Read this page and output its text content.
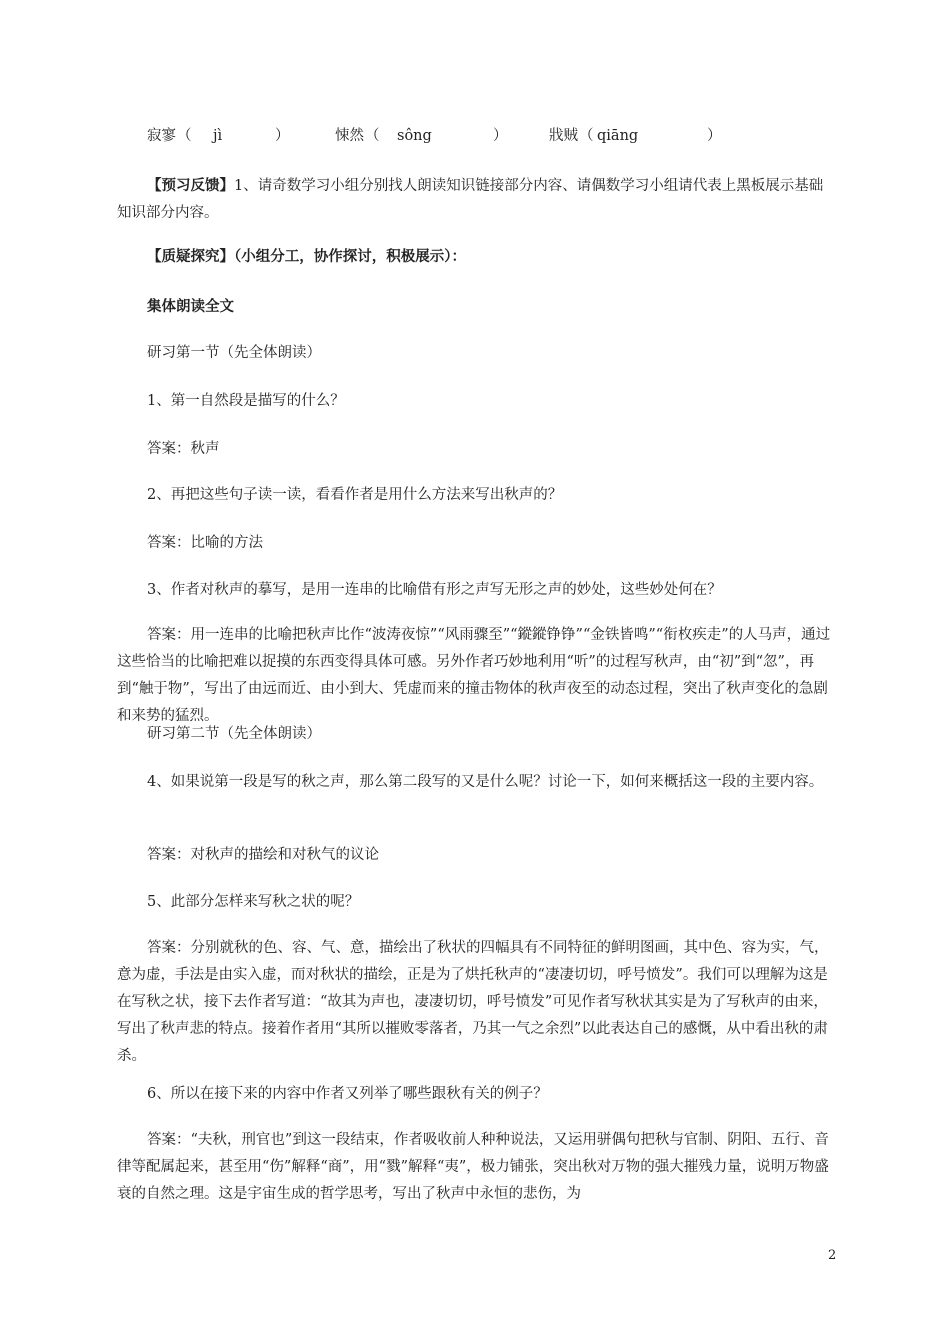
寂寥 （ jì	）	悚然 （ sông	）	戕贼 （ qiāng	）
【预习反馈】1、请奇数学习小组分别找人朗读知识链接部分内容、请偶数学习小组请代表上黑板展示基础知识部分内容。
【质疑探究】（小组分工，协作探讨，积极展示）：
集体朗读全文
研习第一节（先全体朗读）
1、第一自然段是描写的什么？
答案：秋声
2、再把这些句子读一读，看看作者是用什么方法来写出秋声的？
答案：比喻的方法
3、作者对秋声的摹写，是用一连串的比喻借有形之声写无形之声的妙处，这些妙处何在？
答案：用一连串的比喻把秋声比作“波涛夜惊”“风雨骤至”“鏦鏦铮铮”“金铁皆鸣”“衔枚疾走”的人马声，通过这些恰当的比喻把难以捉摸的东西变得具体可感。另外作者巧妙地利用“听”的过程写秋声，由“初”到“忽”，再到“触于物”，写出了由远而近、由小到大、凭虚而来的撞击物体的秋声夜至的动态过程，突出了秋声变化的急剧和来势的猛烈。
研习第二节（先全体朗读）
4、如果说第一段是写的秋之声，那么第二段写的又是什么呢？讨论一下，如何来概括这一段的主要内容。
答案：对秋声的描绘和对秋气的议论
5、此部分怎样来写秋之状的呢？
答案：分别就秋的色、容、气、意，描绘出了秋状的四幅具有不同特征的鲜明图画，其中色、容为实，气，意为虚，手法是由实入虚，而对秋状的描绘，正是为了烘托秋声的“凄凄切切，呼号愤发”。我们可以理解为这是在写秋之状，接下去作者写道：“故其为声也，凄凄切切，呼号愤发”可见作者写秋状其实是为了写秋声的由来，写出了秋声悲的特点。接着作者用“其所以摧败零落者，乃其一气之余烈”以此表达自己的感慨，从中看出秋的肃杀。
6、所以在接下来的内容中作者又列举了哪些跟秋有关的例子？
答案：“夫秋，刑官也”到这一段结束，作者吸收前人种种说法，又运用骈偶句把秋与官制、阴阳、五行、音律等配属起来，甚至用“伤”解释“商”，用“戮”解释“夷”，极力铺张，突出秋对万物的强大摧残力量，说明万物盛衰的自然之理。这是宇宙生成的哲学思考，写出了秋声中永恒的悲伤，为
2
